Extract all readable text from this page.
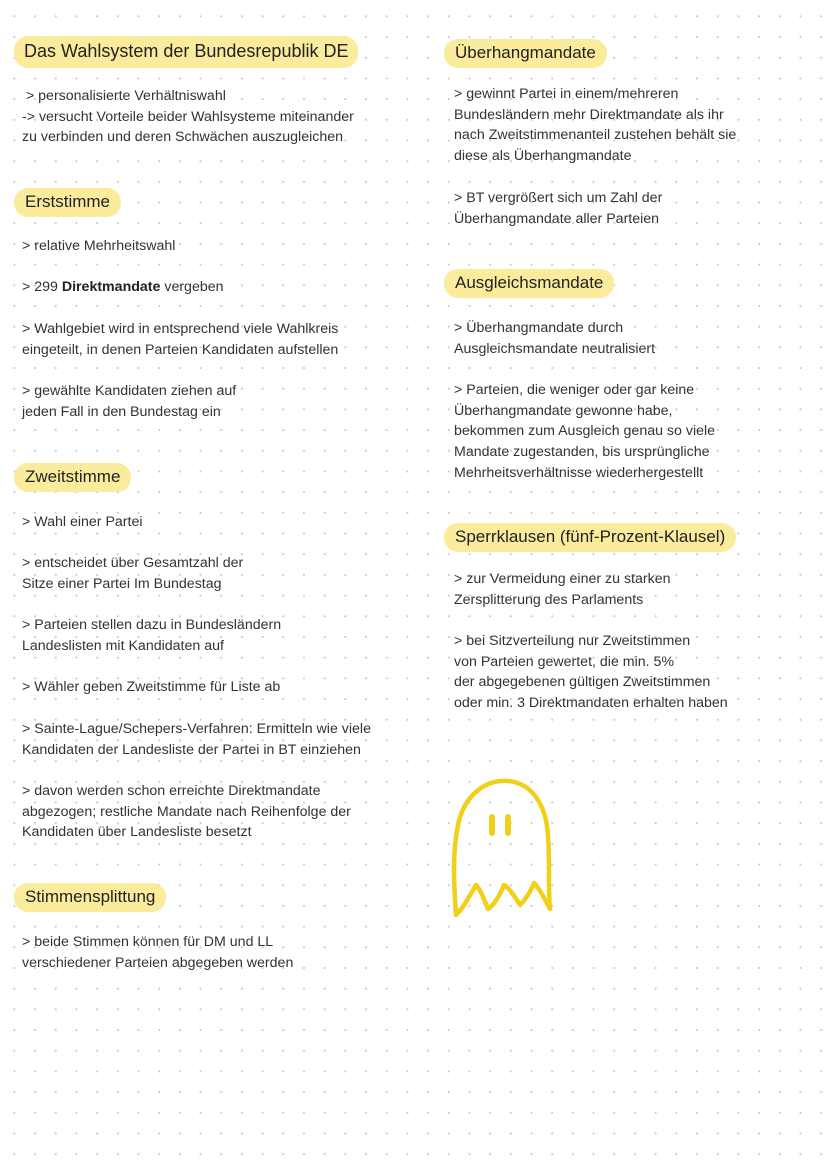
Das Wahlsystem der Bundesrepublik DE
> personalisierte Verhältniswahl
-> versucht Vorteile beider Wahlsysteme miteinander
zu verbinden und deren Schwächen auszugleichen
Erststimme
> relative Mehrheitswahl
> 299 Direktmandate vergeben
> Wahlgebiet wird in entsprechend viele Wahlkreis
eingeteilt, in denen Parteien Kandidaten aufstellen
> gewählte Kandidaten ziehen auf
jeden Fall in den Bundestag ein
Zweitstimme
> Wahl einer Partei
> entscheidet über Gesamtzahl der
Sitze einer Partei Im Bundestag
> Parteien stellen dazu in Bundesländern
Landeslisten mit Kandidaten auf
> Wähler geben Zweitstimme für Liste ab
> Sainte-Lague/Schepers-Verfahren: Ermitteln wie viele
Kandidaten der Landesliste der Partei in BT einziehen
> davon werden schon erreichte Direktmandate
abgezogen; restliche Mandate nach Reihenfolge der
Kandidaten über Landesliste besetzt
Stimmensplittung
> beide Stimmen können für DM und LL
verschiedener Parteien abgegeben werden
Überhangmandate
> gewinnt Partei in einem/mehreren
Bundesländern mehr Direktmandate als ihr
nach Zweitstimmenanteil zustehen behält sie
diese als Überhangmandate
> BT vergrößert sich um Zahl der
Überhangmandate aller Parteien
Ausgleichsmandate
> Überhangmandate durch
Ausgleichsmandate neutralisiert
> Parteien, die weniger oder gar keine
Überhangmandate gewonne habe,
bekommen zum Ausgleich genau so viele
Mandate zugestanden, bis ursprüngliche
Mehrheitsverhältnisse wiederhergestellt
Sperrklausen (fünf-Prozent-Klausel)
> zur Vermeidung einer zu starken
Zersplitterung des Parlaments
> bei Sitzverteilung nur Zweitstimmen
von Parteien gewertet, die min. 5%
der abgegebenen gültigen Zweitstimmen
oder min. 3 Direktmandaten erhalten haben
